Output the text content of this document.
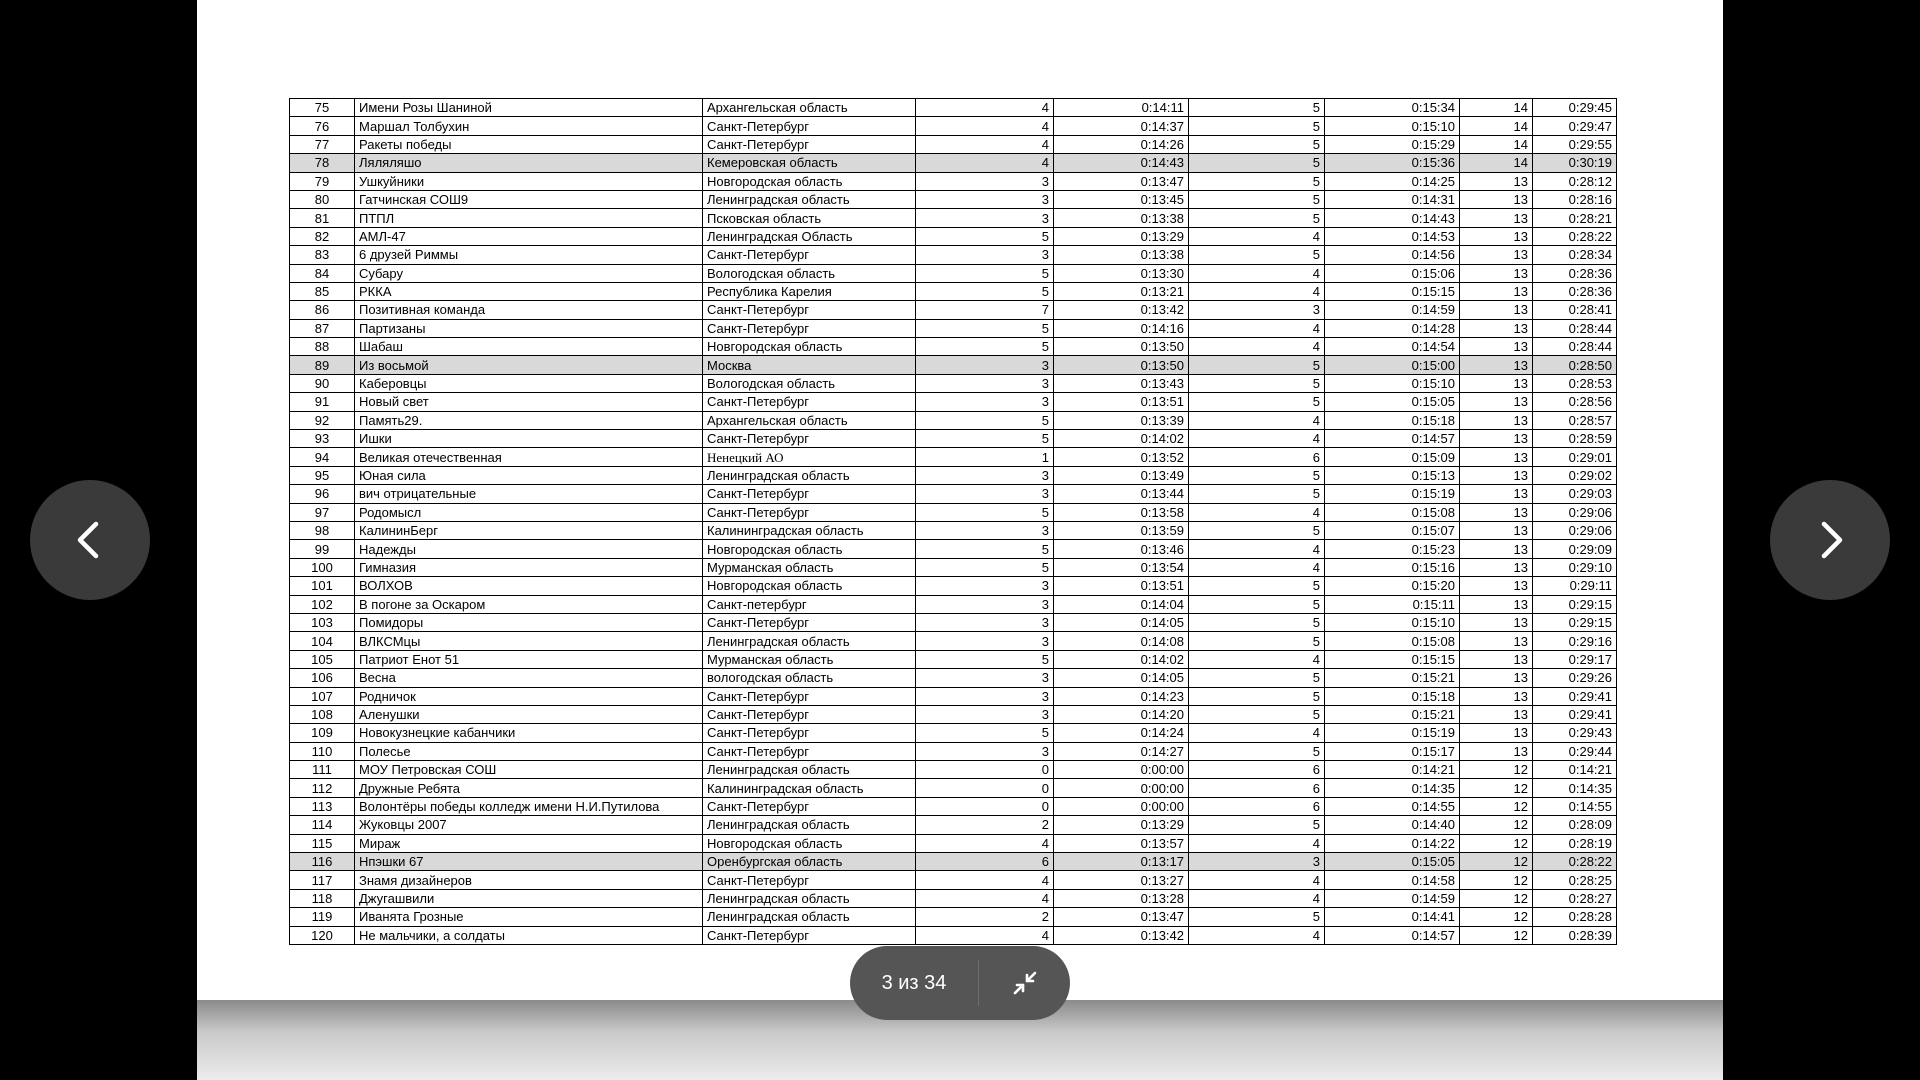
75	Имени Розы Шаниной	Архангельская область	4	0:14:11	5	0:15:34	14	0:29:45
76	Маршал Толбухин	Санкт-Петербург	4	0:14:37	5	0:15:10	14	0:29:47
77	Ракеты победы	Санкт-Петербург	4	0:14:26	5	0:15:29	14	0:29:55
78	Ляляляшо	Кемеровская область	4	0:14:43	5	0:15:36	14	0:30:19
79	Ушкуйники	Новгородская область	3	0:13:47	5	0:14:25	13	0:28:12
80	Гатчинская СОШ9	Ленинградская область	3	0:13:45	5	0:14:31	13	0:28:16
81	ПТПЛ	Псковская область	3	0:13:38	5	0:14:43	13	0:28:21
82	АМЛ-47	Ленинградская Область	5	0:13:29	4	0:14:53	13	0:28:22
83	6 друзей Риммы	Санкт-Петербург	3	0:13:38	5	0:14:56	13	0:28:34
84	Субару	Вологодская область	5	0:13:30	4	0:15:06	13	0:28:36
85	РККА	Республика Карелия	5	0:13:21	4	0:15:15	13	0:28:36
86	Позитивная команда	Санкт-Петербург	7	0:13:42	3	0:14:59	13	0:28:41
87	Партизаны	Санкт-Петербург	5	0:14:16	4	0:14:28	13	0:28:44
88	Шабаш	Новгородская область	5	0:13:50	4	0:14:54	13	0:28:44
89	Из восьмой	Москва	3	0:13:50	5	0:15:00	13	0:28:50
90	Каберовцы	Вологодская область	3	0:13:43	5	0:15:10	13	0:28:53
91	Новый свет	Санкт-Петербург	3	0:13:51	5	0:15:05	13	0:28:56
92	Память29.	Архангельская область	5	0:13:39	4	0:15:18	13	0:28:57
93	Ишки	Санкт-Петербург	5	0:14:02	4	0:14:57	13	0:28:59
94	Великая отечественная	Ненецкий АО	1	0:13:52	6	0:15:09	13	0:29:01
95	Юная сила	Ленинградская область	3	0:13:49	5	0:15:13	13	0:29:02
96	вич отрицательные	Санкт-Петербург	3	0:13:44	5	0:15:19	13	0:29:03
97	Родомысл	Санкт-Петербург	5	0:13:58	4	0:15:08	13	0:29:06
98	КалининБерг	Калининградская область	3	0:13:59	5	0:15:07	13	0:29:06
99	Надежды	Новгородская область	5	0:13:46	4	0:15:23	13	0:29:09
100	Гимназия	Мурманская область	5	0:13:54	4	0:15:16	13	0:29:10
101	ВОЛХОВ	Новгородская область	3	0:13:51	5	0:15:20	13	0:29:11
102	В погоне за Оскаром	Санкт-петербург	3	0:14:04	5	0:15:11	13	0:29:15
103	Помидоры	Санкт-Петербург	3	0:14:05	5	0:15:10	13	0:29:15
104	ВЛКСМцы	Ленинградская область	3	0:14:08	5	0:15:08	13	0:29:16
105	Патриот Енот 51	Мурманская область	5	0:14:02	4	0:15:15	13	0:29:17
106	Весна	вологодская область	3	0:14:05	5	0:15:21	13	0:29:26
107	Родничок	Санкт-Петербург	3	0:14:23	5	0:15:18	13	0:29:41
108	Аленушки	Санкт-Петербург	3	0:14:20	5	0:15:21	13	0:29:41
109	Новокузнецкие кабанчики	Санкт-Петербург	5	0:14:24	4	0:15:19	13	0:29:43
110	Полесье	Санкт-Петербург	3	0:14:27	5	0:15:17	13	0:29:44
111	МОУ Петровская СОШ	Ленинградская область	0	0:00:00	6	0:14:21	12	0:14:21
112	Дружные Ребята	Калининградская область	0	0:00:00	6	0:14:35	12	0:14:35
113	Волонтёры победы колледж имени Н.И.Путилова	Санкт-Петербург	0	0:00:00	6	0:14:55	12	0:14:55
114	Жуковцы 2007	Ленинградская область	2	0:13:29	5	0:14:40	12	0:28:09
115	Мираж	Новгородская область	4	0:13:57	4	0:14:22	12	0:28:19
116	Нпэшки 67	Оренбургская область	6	0:13:17	3	0:15:05	12	0:28:22
117	Знамя дизайнеров	Санкт-Петербург	4	0:13:27	4	0:14:58	12	0:28:25
118	Джугашвили	Ленинградская область	4	0:13:28	4	0:14:59	12	0:28:27
119	Иванята Грозные	Ленинградская область	2	0:13:47	5	0:14:41	12	0:28:28
120	Не мальчики, а солдаты	Санкт-Петербург	4	0:13:42	4	0:14:57	12	0:28:39
3 из 34
